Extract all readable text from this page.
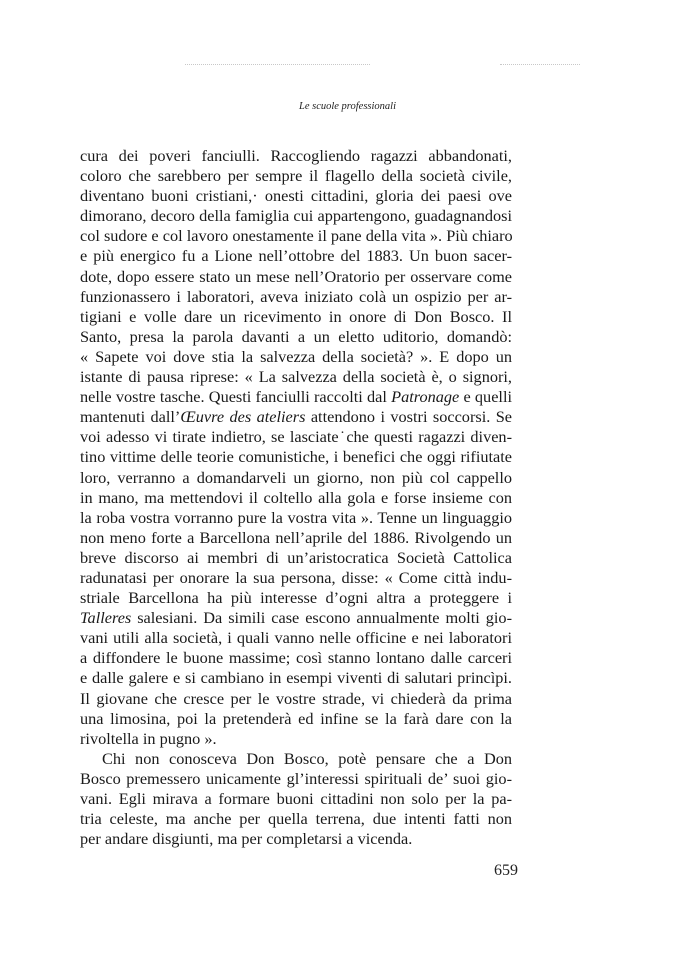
Le scuole professionali
cura dei poveri fanciulli. Raccogliendo ragazzi abbandonati,
coloro che sarebbero per sempre il flagello della società civile,
diventano buoni cristiani,· onesti cittadini, gloria dei paesi ove
dimorano, decoro della famiglia cui appartengono, guadagnandosi
col sudore e col lavoro onestamente il pane della vita ». Più chiaro
e più energico fu a Lione nell’ottobre del 1883. Un buon sacer-
dote, dopo essere stato un mese nell’Oratorio per osservare come
funzionassero i laboratori, aveva iniziato colà un ospizio per ar-
tigiani e volle dare un ricevimento in onore di Don Bosco. Il
Santo, presa la parola davanti a un eletto uditorio, domandò:
« Sapete voi dove stia la salvezza della società? ». E dopo un
istante di pausa riprese: « La salvezza della società è, o signori,
nelle vostre tasche. Questi fanciulli raccolti dal Patronage e quelli
mantenuti dall’Œuvre des ateliers attendono i vostri soccorsi. Se
voi adesso vi tirate indietro, se lasciate˙che questi ragazzi diven-
tino vittime delle teorie comunistiche, i benefici che oggi rifiutate
loro, verranno a domandarveli un giorno, non più col cappello
in mano, ma mettendovi il coltello alla gola e forse insieme con
la roba vostra vorranno pure la vostra vita ». Tenne un linguaggio
non meno forte a Barcellona nell’aprile del 1886. Rivolgendo un
breve discorso ai membri di un’aristocratica Società Cattolica
radunatasi per onorare la sua persona, disse: « Come città indu-
striale Barcellona ha più interesse d’ogni altra a proteggere i
Talleres salesiani. Da simili case escono annualmente molti gio-
vani utili alla società, i quali vanno nelle officine e nei laboratori
a diffondere le buone massime; così stanno lontano dalle carceri
e dalle galere e si cambiano in esempi viventi di salutari princìpi.
Il giovane che cresce per le vostre strade, vi chiederà da prima
una limosina, poi la pretenderà ed infine se la farà dare con la
rivoltella in pugno ».
Chi non conosceva Don Bosco, potè pensare che a Don
Bosco premessero unicamente gl’interessi spirituali de’ suoi gio-
vani. Egli mirava a formare buoni cittadini non solo per la pa-
tria celeste, ma anche per quella terrena, due intenti fatti non
per andare disgiunti, ma per completarsi a vicenda.
659
